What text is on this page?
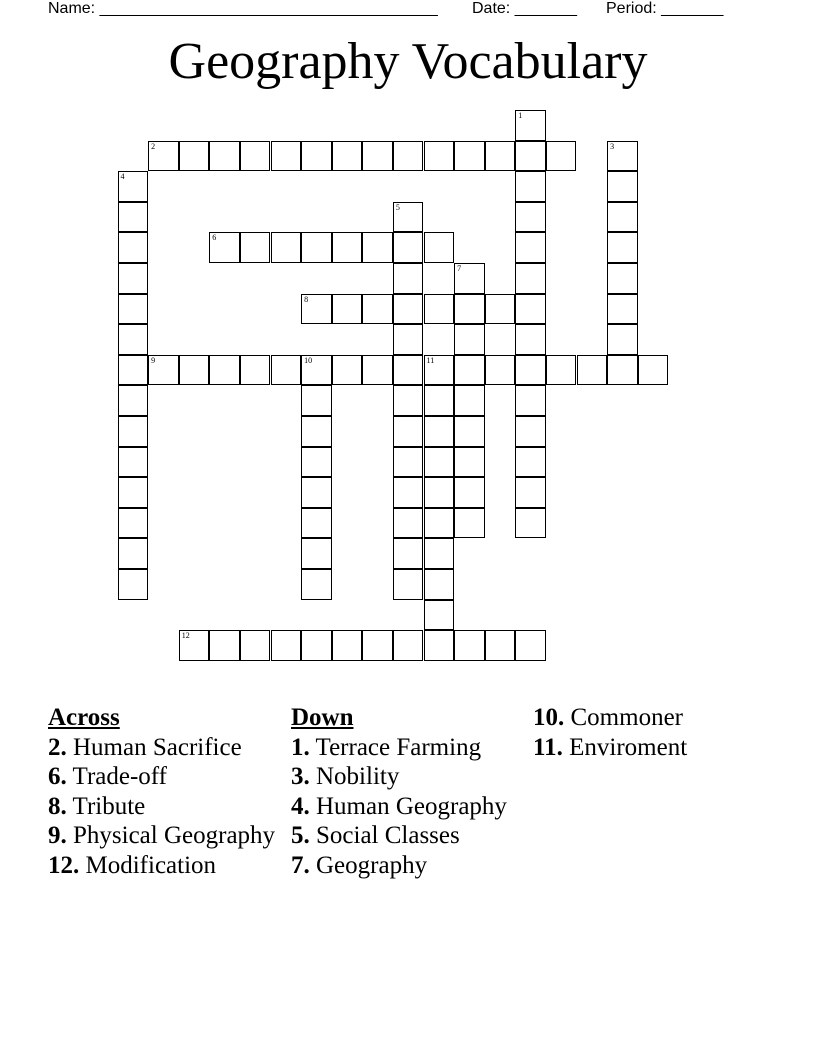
Name: ______________________________________ Date: _______ Period: _______
Geography Vocabulary
1
2	3
4
5
6
7
8
9	10	11
12
Across
2. Human Sacrifice
6. Trade-off
8. Tribute
9. Physical Geography
12. Modification
Down
1. Terrace Farming
3. Nobility
4. Human Geography
5. Social Classes
7. Geography
10. Commoner
11. Enviroment
